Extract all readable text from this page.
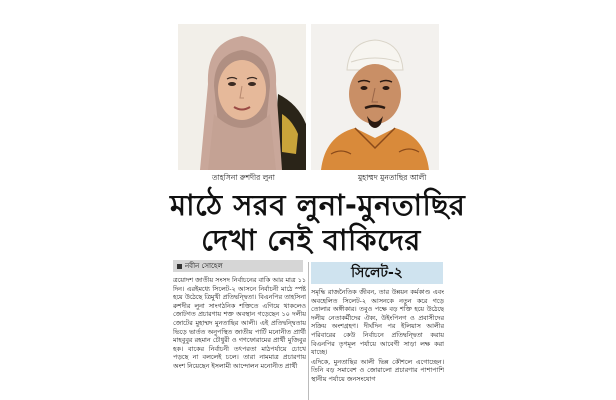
তাহসিনা রুশদীর লুনা	মুহাম্মদ মুনতাছির আলী
মাঠে সরব লুনা-মুনতাছির
দেখা নেই বাকিদের
নবীন সোহেল	সিলেট-২

ত্রয়োদশ জাতীয় সংসদ নির্বাচনের বাকি আর মাত্র ১১ দিন। এরইমধ্যে সিলেট-২ আসনে নির্বাচনী মাঠে স্পষ্ট হয়ে উঠেছে ত্রিমুখী প্রতিদ্বন্দ্বিতা। বিএনপির তাহসিনা রুশদীর লুনা সাংগঠনিক শক্তিতে এগিয়ে থাকলেও জোটগত প্রচারণায় শক্ত অবস্থান গড়েছেন ১০ দলীয় জোটের মুহাম্মদ মুনতাছির আলী। এই প্রতিদ্বন্দ্বিতায় ভিড়ে ভার্তত অনুপস্থিত জাতীয় পার্টি মনোনীত প্রার্থী মাহবুবুর রহমান চৌধুরী ও গণফোরামের প্রার্থী মুজিবুর হক। বাকের নির্বাচনী তৎপরতা মাঠপর্যায়ে চোখে পড়ছে না বললেই চলে। তারা নামমাত্র প্রচারণায় অংশ নিয়েছেন ইসলামী আন্দোলন মনোনীত প্রার্থী

সমৃদ্ধি রাজনৈতিক জীবন, তার উন্নয়ন কর্মকাণ্ড এবং অবহেলিত সিলেট-২ আসনকে নতুন করে গড়ে তোলার অঙ্গীকার। তবুও পক্ষে বড় শক্তি হয়ে উঠেছে দলীয় নেতাকর্মীদের ঐক্য, উইংপিনগ ও প্রবাসীদের সক্রিয় অংশগ্রহণ। দীর্ঘদিন পর ইলিয়াস আলীর পরিবারের কেউ নির্বাচনে প্রতিদ্বন্দ্বিতা করায় বিএনপির তৃণমূল পর্যায়ে আবেগী সাড়া লক্ষ করা যাচ্ছে।

এদিকে, মুনতাছির আলী ভিন্ন কৌশলে এগোচ্ছেন। তিনি বড় সমাবেশ ও জোরালো প্রচারণার পাশাপাশি স্থানীয় পর্যায়ে জনসংযোগ
